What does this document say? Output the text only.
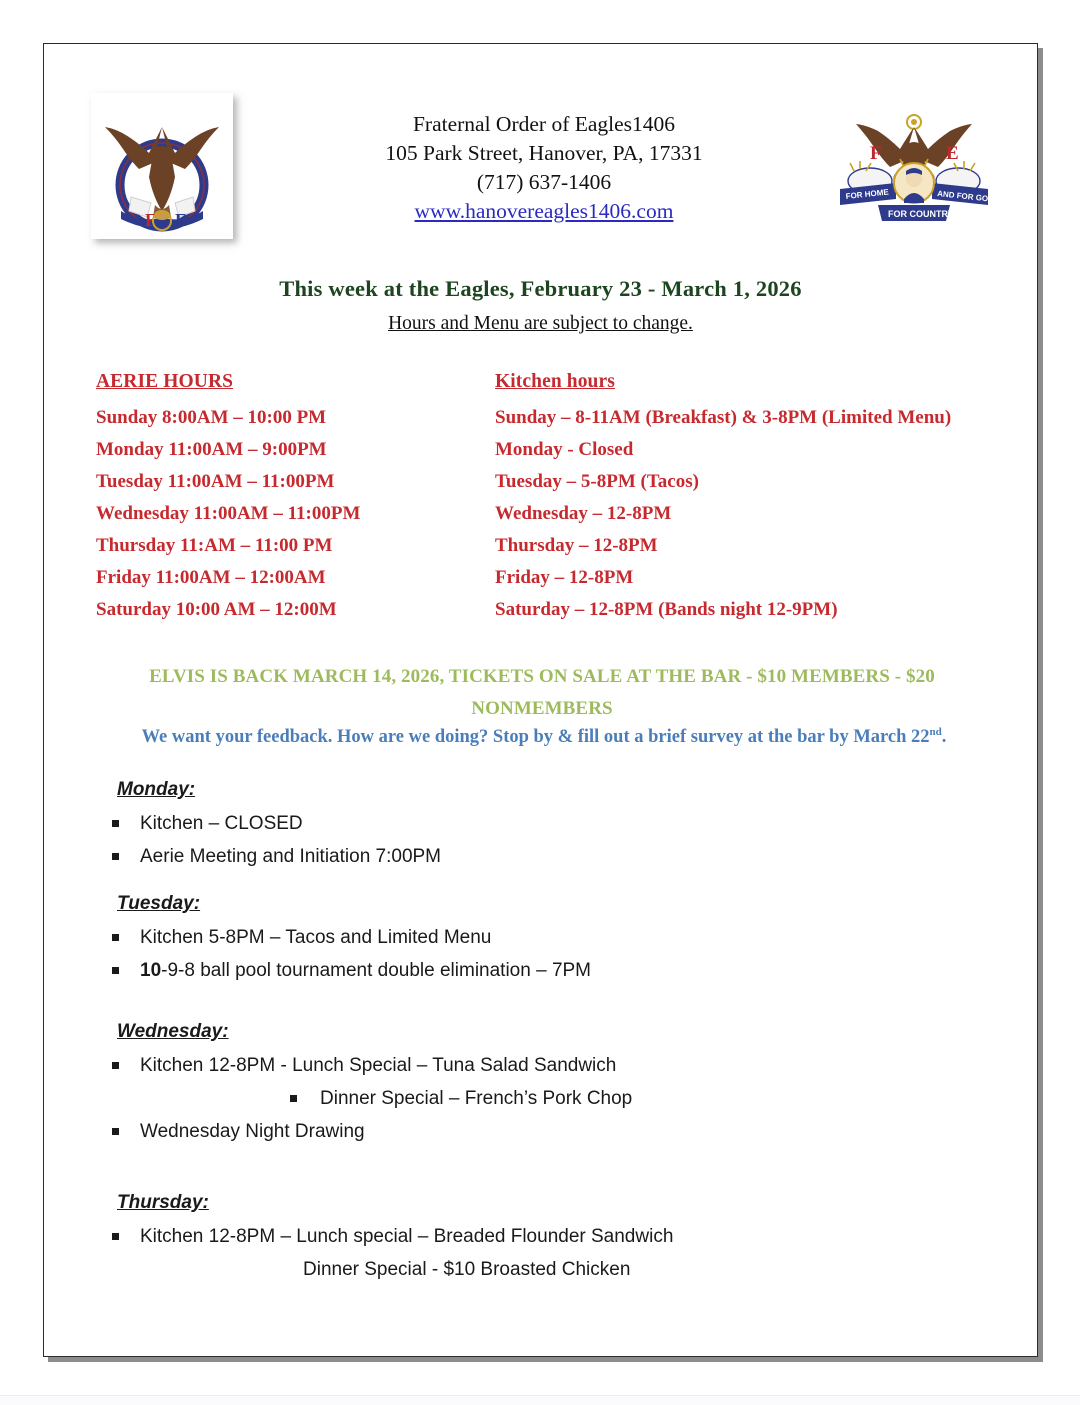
F E
Fraternal Order of Eagles1406
105 Park Street, Hanover, PA, 17331
(717) 637-1406
www.hanovereagles1406.com
F	E
FOR HOME	AND FOR GOD
FOR COUNTRY
This week at the Eagles, February 23 - March 1, 2026
Hours and Menu are subject to change.
AERIE HOURS
Sunday 8:00AM – 10:00 PM
Monday 11:00AM – 9:00PM
Tuesday 11:00AM – 11:00PM
Wednesday 11:00AM – 11:00PM
Thursday 11:AM – 11:00 PM
Friday 11:00AM – 12:00AM
Saturday 10:00 AM – 12:00M
Kitchen hours
Sunday – 8-11AM (Breakfast) & 3-8PM (Limited Menu)
Monday - Closed
Tuesday – 5-8PM (Tacos)
Wednesday – 12-8PM
Thursday – 12-8PM
Friday – 12-8PM
Saturday – 12-8PM (Bands night 12-9PM)
ELVIS IS BACK MARCH 14, 2026, TICKETS ON SALE AT THE BAR - $10 MEMBERS - $20 NONMEMBERS
We want your feedback. How are we doing? Stop by & fill out a brief survey at the bar by March 22nd.
Monday:
Kitchen – CLOSED
Aerie Meeting and Initiation 7:00PM
Tuesday:
Kitchen 5-8PM – Tacos and Limited Menu
10-9-8 ball pool tournament double elimination – 7PM
Wednesday:
Kitchen 12-8PM - Lunch Special – Tuna Salad Sandwich
Dinner Special – French’s Pork Chop
Wednesday Night Drawing
Thursday:
Kitchen 12-8PM – Lunch special – Breaded Flounder Sandwich
Dinner Special - $10 Broasted Chicken
